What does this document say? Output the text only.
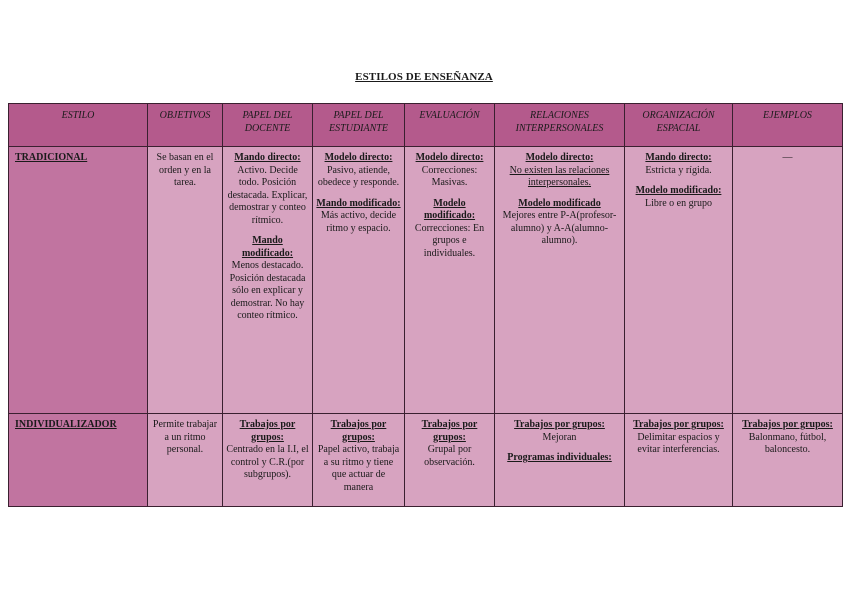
ESTILOS DE ENSEÑANZA
ESTILO	OBJETIVOS	PAPEL DEL DOCENTE	PAPEL DEL ESTUDIANTE	EVALUACIÓN	RELACIONES INTERPERSONALES	ORGANIZACIÓN ESPACIAL	EJEMPLOS
TRADICIONAL	Se basan en el orden y en la tarea.	Mando directo:
Activo. Decide todo. Posición destacada. Explicar, demostrar y conteo rítmico.
Mando modificado:
Menos destacado. Posición destacada sólo en explicar y demostrar. No hay conteo rítmico.	Modelo directo:
Pasivo, atiende, obedece y responde.
Mando modificado:
Más activo, decide ritmo y espacio.	Modelo directo:
Correcciones: Masivas.
Modelo modificado:
Correcciones: En grupos e individuales.	Modelo directo:
No existen las relaciones interpersonales.
Modelo modificado
Mejores entre P-A(profesor-alumno) y A-A(alumno-alumno).	Mando directo:
Estricta y rígida.
Modelo modificado:
Libre o en grupo	—
INDIVIDUALIZADOR	Permite trabajar a un ritmo personal.	Trabajos por grupos:
Centrado en la I.I, el control y C.R.(por subgrupos).	Trabajos por grupos:
Papel activo, trabaja a su ritmo y tiene que actuar de manera	Trabajos por grupos:
Grupal por observación.	Trabajos por grupos:
Mejoran
Programas individuales:	Trabajos por grupos:
Delimitar espacios y evitar interferencias.	Trabajos por grupos:
Balonmano, fútbol, baloncesto.
